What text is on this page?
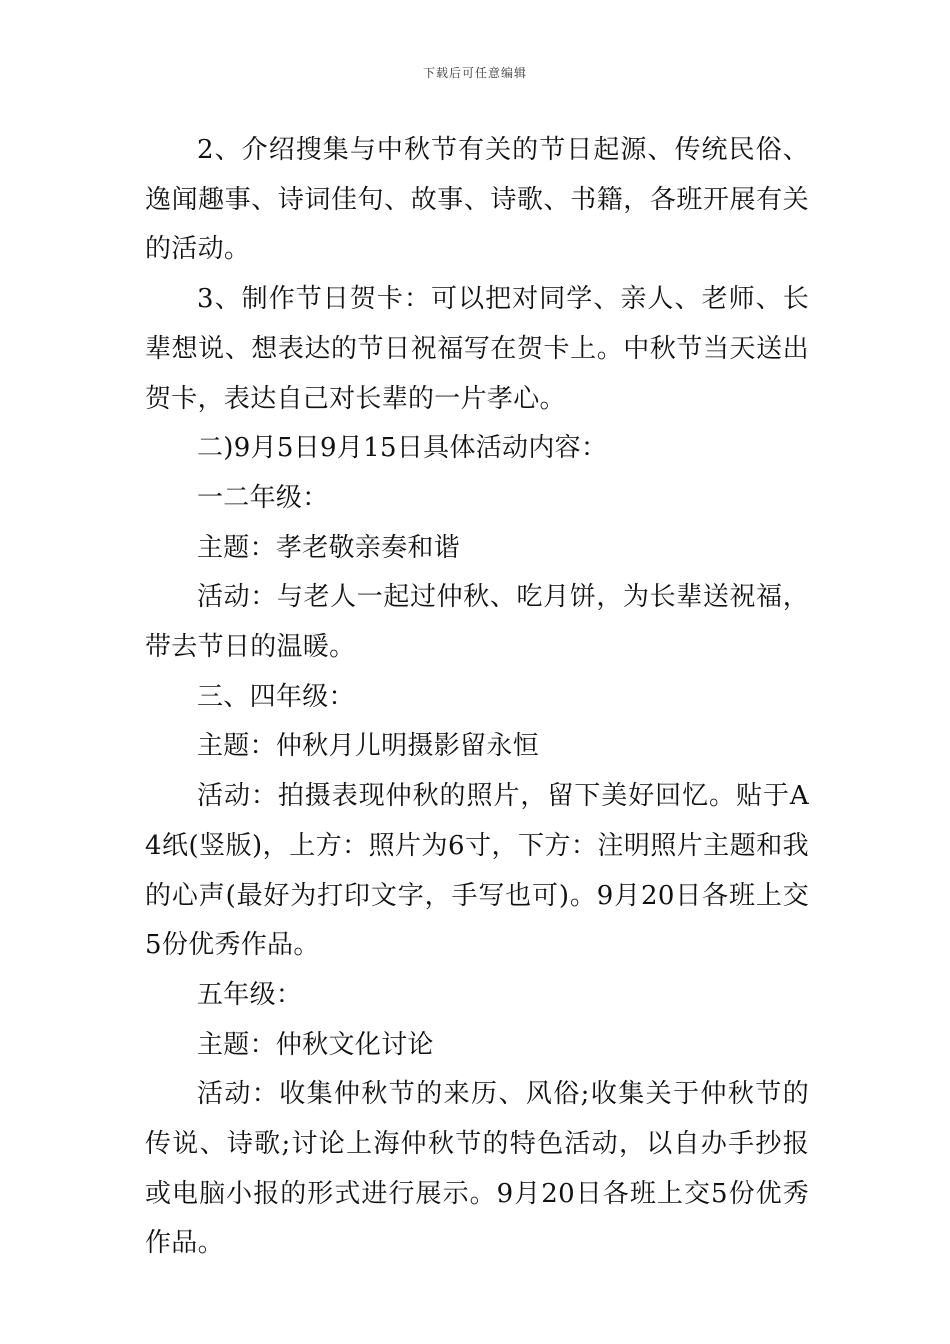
下载后可任意编辑

2、介绍搜集与中秋节有关的节日起源、传统民俗、逸闻趣事、诗词佳句、故事、诗歌、书籍，各班开展有关的活动。

3、制作节日贺卡：可以把对同学、亲人、老师、长辈想说、想表达的节日祝福写在贺卡上。中秋节当天送出贺卡，表达自己对长辈的一片孝心。

二)9月5日9月15日具体活动内容：

一二年级：

主题：孝老敬亲奏和谐

活动：与老人一起过仲秋、吃月饼，为长辈送祝福，带去节日的温暖。

三、四年级：

主题：仲秋月儿明摄影留永恒

活动：拍摄表现仲秋的照片，留下美好回忆。贴于A4纸(竖版)，上方：照片为6寸，下方：注明照片主题和我的心声(最好为打印文字，手写也可)。9月20日各班上交5份优秀作品。

五年级：

主题：仲秋文化讨论

活动：收集仲秋节的来历、风俗;收集关于仲秋节的传说、诗歌;讨论上海仲秋节的特色活动，以自办手抄报或电脑小报的形式进行展示。9月20日各班上交5份优秀作品。
